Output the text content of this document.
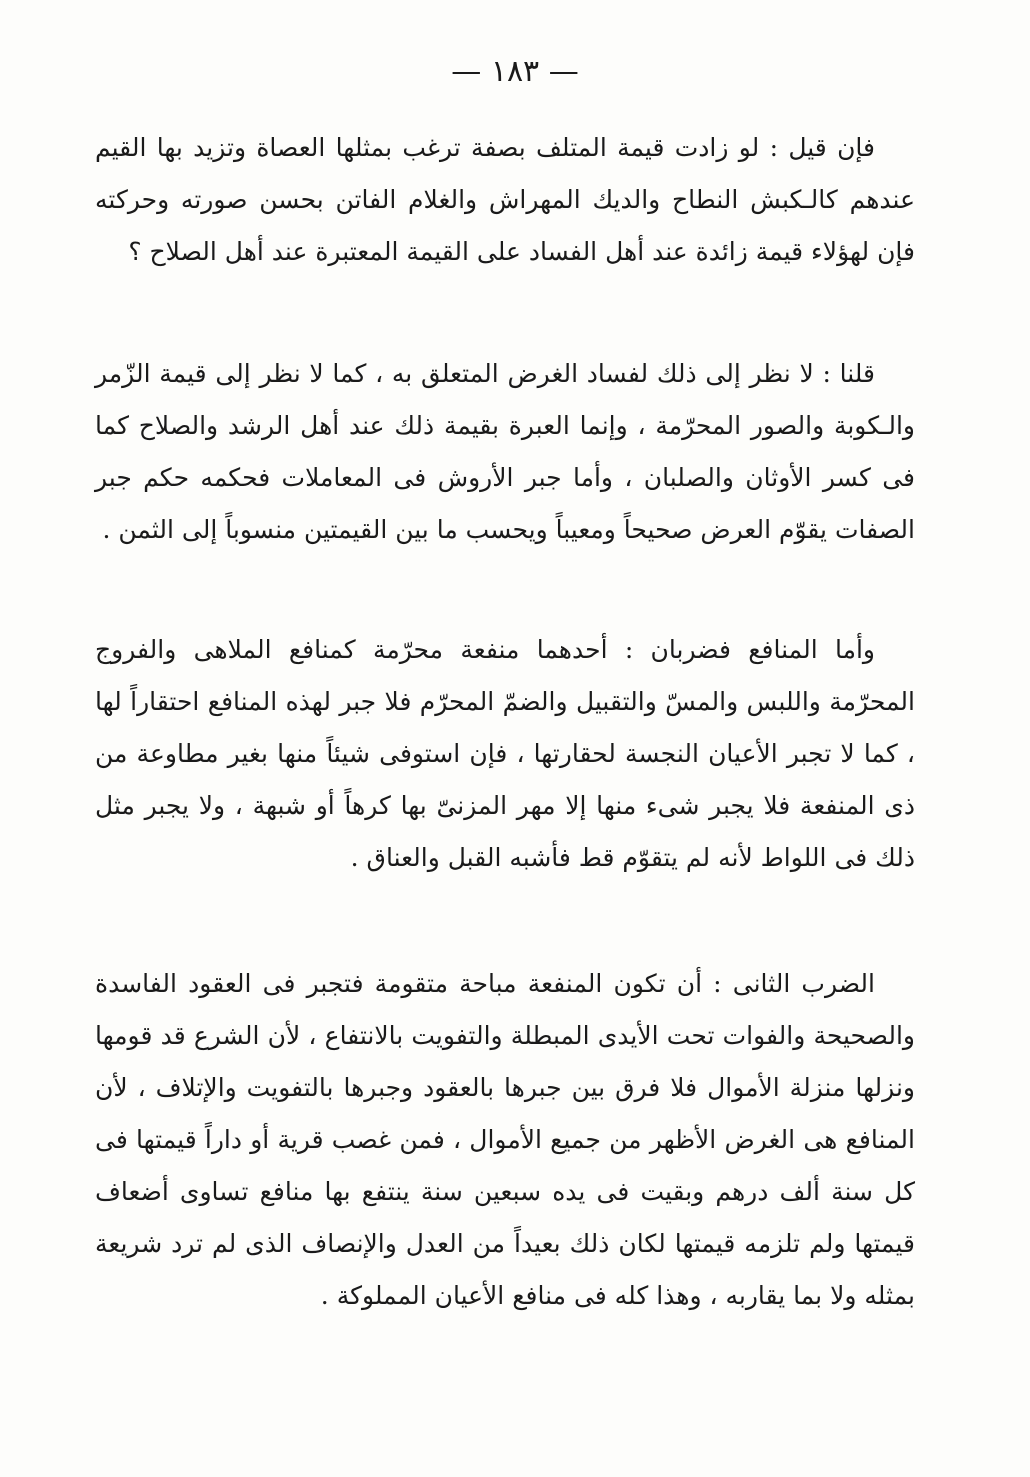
— ١٨٣ —

فإن قيل : لو زادت قيمة المتلف بصفة ترغب بمثلها العصاة وتزيد بها القيم عندهم كالـكبش النطاح والديك المهراش والغلام الفاتن بحسن صورته وحركته فإن لهؤلاء قيمة زائدة عند أهل الفساد على القيمة المعتبرة عند أهل الصلاح ؟

قلنا : لا نظر إلى ذلك لفساد الغرض المتعلق به ، كما لا نظر إلى قيمة الزّمر والـكوبة والصور المحرّمة ، وإنما العبرة بقيمة ذلك عند أهل الرشد والصلاح كما فى كسر الأوثان والصلبان ، وأما جبر الأروش فى المعاملات فحكمه حكم جبر الصفات يقوّم العرض صحيحاً ومعيباً ويحسب ما بين القيمتين منسوباً إلى الثمن .

وأما المنافع فضربان : أحدهما منفعة محرّمة كمنافع الملاهى والفروج المحرّمة واللبس والمسّ والتقبيل والضمّ المحرّم فلا جبر لهذه المنافع احتقاراً لها ، كما لا تجبر الأعيان النجسة لحقارتها ، فإن استوفى شيئاً منها بغير مطاوعة من ذى المنفعة فلا يجبر شىء منها إلا مهر المزنىّ بها كرهاً أو شبهة ، ولا يجبر مثل ذلك فى اللواط لأنه لم يتقوّم قط فأشبه القبل والعناق .

الضرب الثانى : أن تكون المنفعة مباحة متقومة فتجبر فى العقود الفاسدة والصحيحة والفوات تحت الأيدى المبطلة والتفويت بالانتفاع ، لأن الشرع قد قومها ونزلها منزلة الأموال فلا فرق بين جبرها بالعقود وجبرها بالتفويت والإتلاف ، لأن المنافع هى الغرض الأظهر من جميع الأموال ، فمن غصب قرية أو داراً قيمتها فى كل سنة ألف درهم وبقيت فى يده سبعين سنة ينتفع بها منافع تساوى أضعاف قيمتها ولم تلزمه قيمتها لكان ذلك بعيداً من العدل والإنصاف الذى لم ترد شريعة بمثله ولا بما يقاربه ، وهذا كله فى منافع الأعيان المملوكة .
